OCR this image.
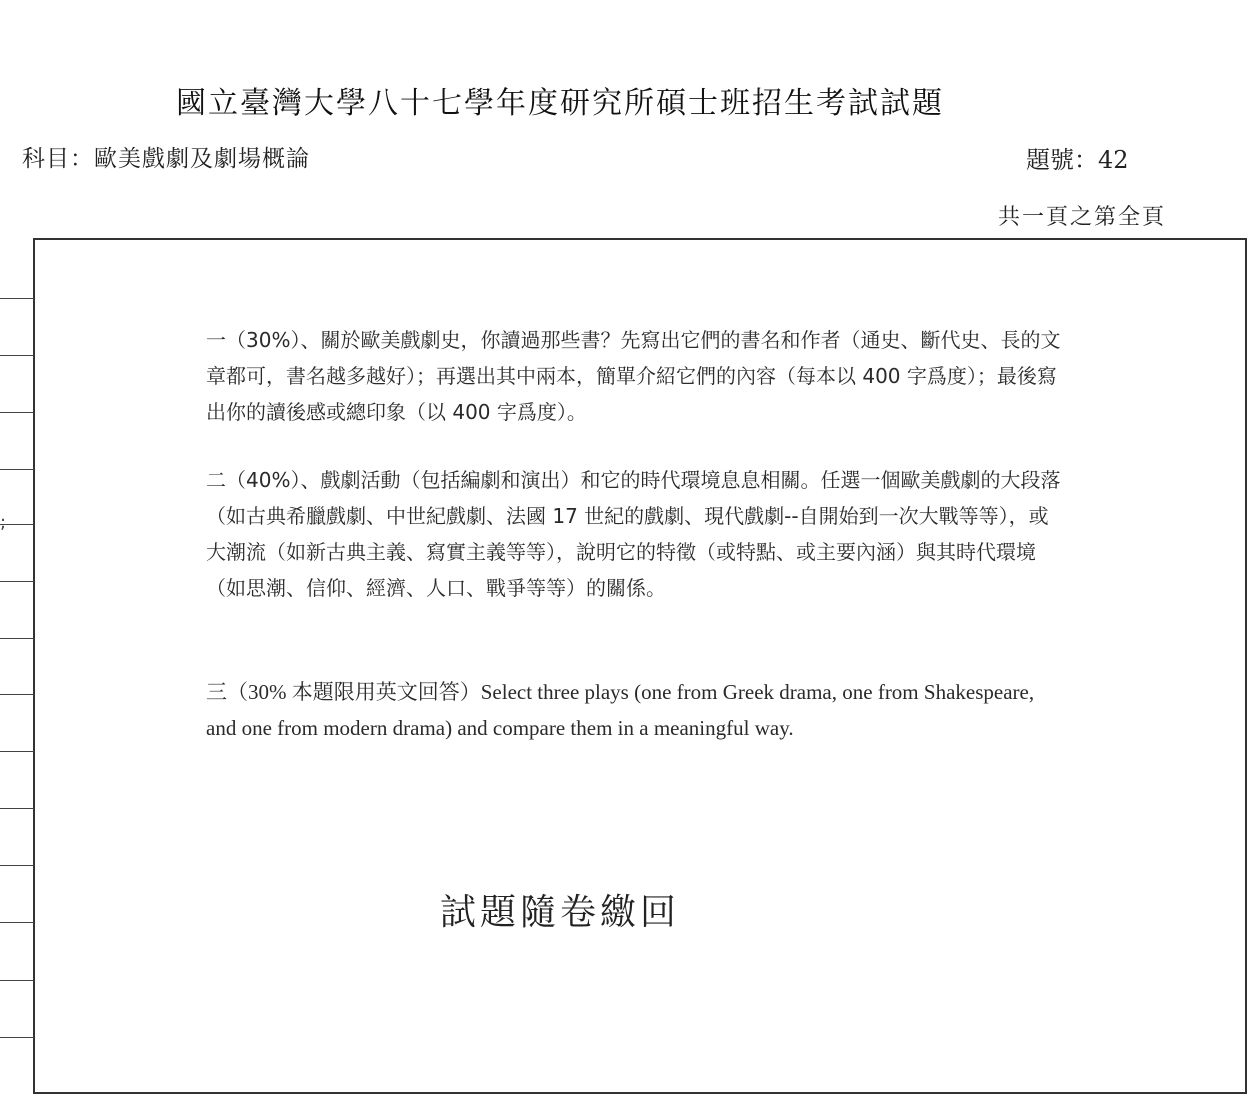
國立臺灣大學八十七學年度研究所碩士班招生考試試題
科目：歐美戲劇及劇場概論	題號：42
共一頁之第全頁
;
一（30%）、關於歐美戲劇史，你讀過那些書？先寫出它們的書名和作者（通史、斷代史、長的文章都可，書名越多越好）；再選出其中兩本，簡單介紹它們的內容（每本以 400 字爲度）；最後寫出你的讀後感或總印象（以 400 字爲度）。
二（40%）、戲劇活動（包括編劇和演出）和它的時代環境息息相關。任選一個歐美戲劇的大段落（如古典希臘戲劇、中世紀戲劇、法國 17 世紀的戲劇、現代戲劇--自開始到一次大戰等等），或大潮流（如新古典主義、寫實主義等等），說明它的特徵（或特點、或主要內涵）與其時代環境（如思潮、信仰、經濟、人口、戰爭等等）的關係。
三（30% 本題限用英文回答）Select three plays (one from Greek drama, one from Shakespeare, and one from modern drama) and compare them in a meaningful way.
試題隨卷繳回
